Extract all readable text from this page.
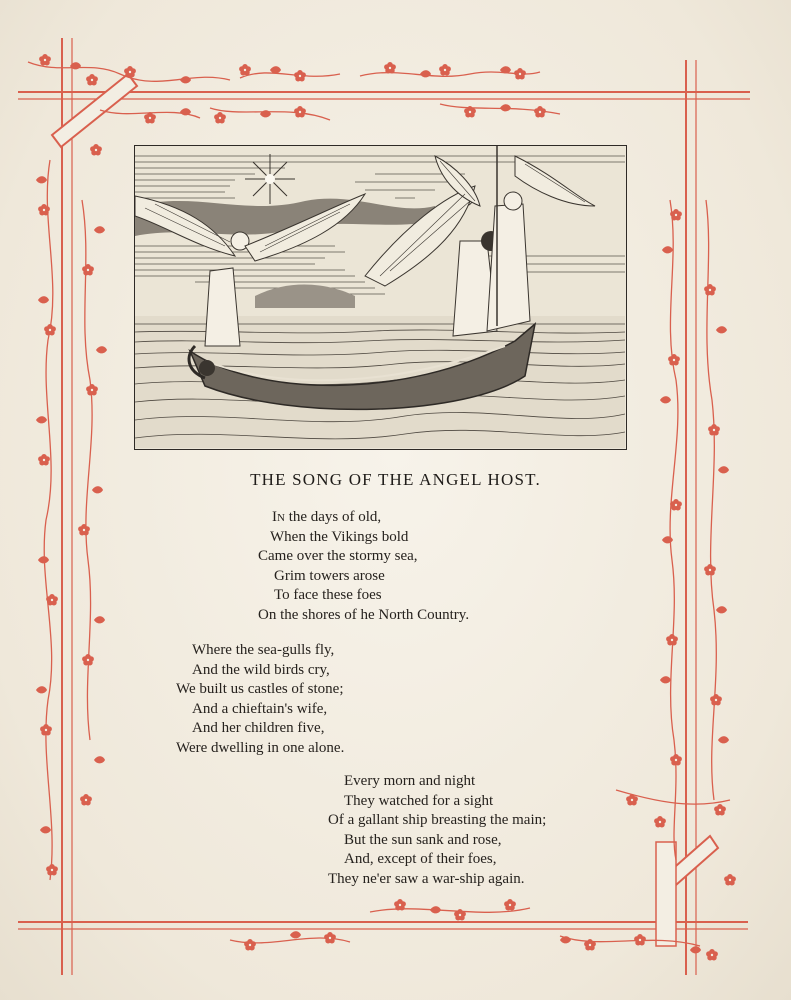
THE SONG OF THE ANGEL HOST.
In the days of old,
When the Vikings bold
Came over the stormy sea,
Grim towers arose
To face these foes
On the shores of he North Country.
Where the sea-gulls fly,
And the wild birds cry,
We built us castles of stone;
And a chieftain's wife,
And her children five,
Were dwelling in one alone.
Every morn and night
They watched for a sight
Of a gallant ship breasting the main;
But the sun sank and rose,
And, except of their foes,
They ne'er saw a war-ship again.
